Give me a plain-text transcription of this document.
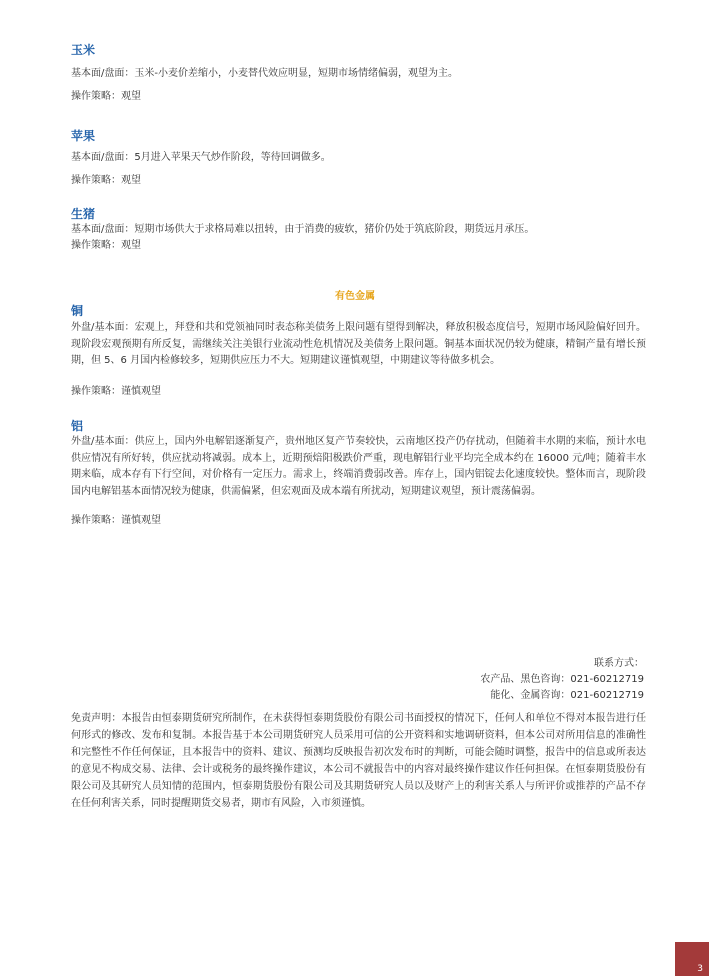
玉米
基本面/盘面：玉米-小麦价差缩小，小麦替代效应明显，短期市场情绪偏弱，观望为主。
操作策略：观望
苹果
基本面/盘面：5月进入苹果天气炒作阶段，等待回调做多。
操作策略：观望
生猪
基本面/盘面：短期市场供大于求格局难以扭转，由于消费的疲软，猪价仍处于筑底阶段，期货远月承压。
操作策略：观望
有色金属
铜
外盘/基本面：宏观上，拜登和共和党领袖同时表态称美债务上限问题有望得到解决，释放积极态度信号，短期市场风险偏好回升。现阶段宏观预期有所反复，需继续关注美银行业流动性危机情况及美债务上限问题。铜基本面状况仍较为健康，精铜产量有增长预期，但 5、6 月国内检修较多，短期供应压力不大。短期建议谨慎观望，中期建议等待做多机会。
操作策略：谨慎观望
铝
外盘/基本面：供应上，国内外电解铝逐渐复产，贵州地区复产节奏较快，云南地区投产仍存扰动，但随着丰水期的来临，预计水电供应情况有所好转，供应扰动将减弱。成本上，近期预焙阳极跌价严重，现电解铝行业平均完全成本约在 16000 元/吨；随着丰水期来临，成本存有下行空间，对价格有一定压力。需求上，终端消费弱改善。库存上，国内铝锭去化速度较快。整体而言，现阶段国内电解铝基本面情况较为健康，供需偏紧，但宏观面及成本端有所扰动，短期建议观望，预计震荡偏弱。
操作策略：谨慎观望
联系方式：
农产品、黑色咨询：021-60212719
能化、金属咨询：021-60212719
免责声明：本报告由恒泰期货研究所制作，在未获得恒泰期货股份有限公司书面授权的情况下，任何人和单位不得对本报告进行任何形式的修改、发布和复制。本报告基于本公司期货研究人员采用可信的公开资料和实地调研资料，但本公司对所用信息的准确性和完整性不作任何保证，且本报告中的资料、建议、预测均反映报告初次发布时的判断，可能会随时调整，报告中的信息或所表达的意见不构成交易、法律、会计或税务的最终操作建议，本公司不就报告中的内容对最终操作建议作任何担保。在恒泰期货股份有限公司及其研究人员知情的范围内，恒泰期货股份有限公司及其期货研究人员以及财产上的利害关系人与所评价或推荐的产品不存在任何利害关系，同时提醒期货交易者，期市有风险，入市须谨慎。
3
